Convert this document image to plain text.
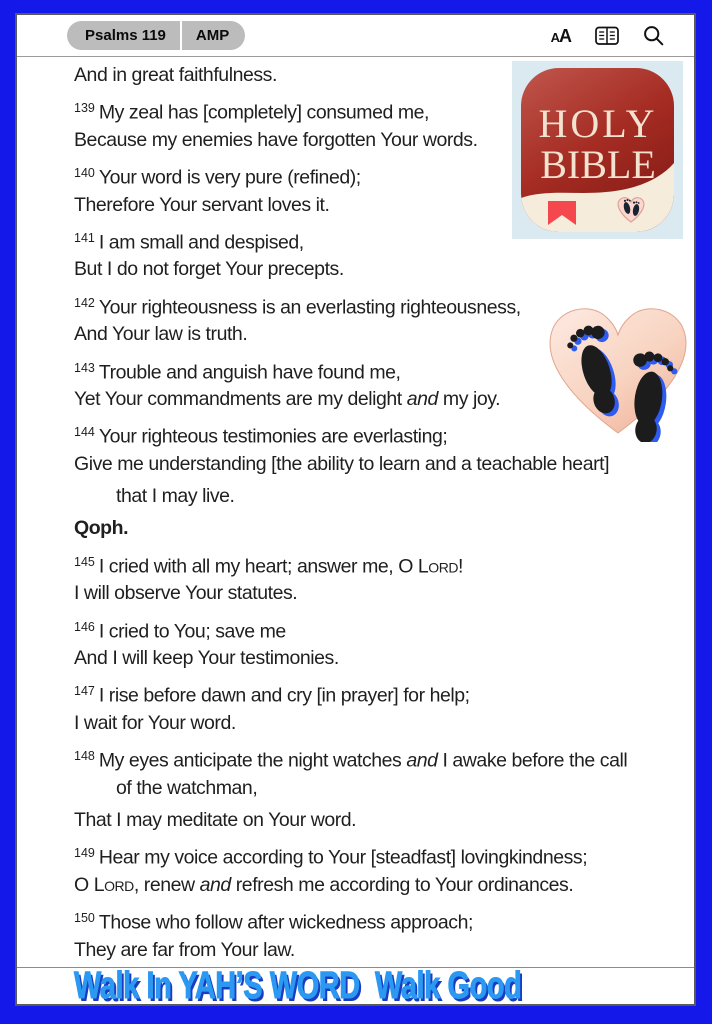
Psalms 119	AMP	AA
And in great faithfulness.
$^{139}$ My zeal has [completely] consumed me,
Because my enemies have forgotten Your words.
$^{140}$ Your word is very pure (refined);
Therefore Your servant loves it.
$^{141}$ I am small and despised,
But I do not forget Your precepts.
$^{142}$ Your righteousness is an everlasting righteousness,
And Your law is truth.
$^{143}$ Trouble and anguish have found me,
Yet Your commandments are my delight and my joy.
$^{144}$ Your righteous testimonies are everlasting;
Give me understanding [the ability to learn and a teachable heart]
that I may live.
Qoph.
$^{145}$ I cried with all my heart; answer me, O Lord!
I will observe Your statutes.
$^{146}$ I cried to You; save me
And I will keep Your testimonies.
$^{147}$ I rise before dawn and cry [in prayer] for help;
I wait for Your word.
$^{148}$ My eyes anticipate the night watches and I awake before the call
of the watchman,
That I may meditate on Your word.
$^{149}$ Hear my voice according to Your [steadfast] lovingkindness;
O Lord, renew and refresh me according to Your ordinances.
$^{150}$ Those who follow after wickedness approach;
They are far from Your law.
HOLY
BIBLE
Walk In YAH’S WORD  Walk Good
